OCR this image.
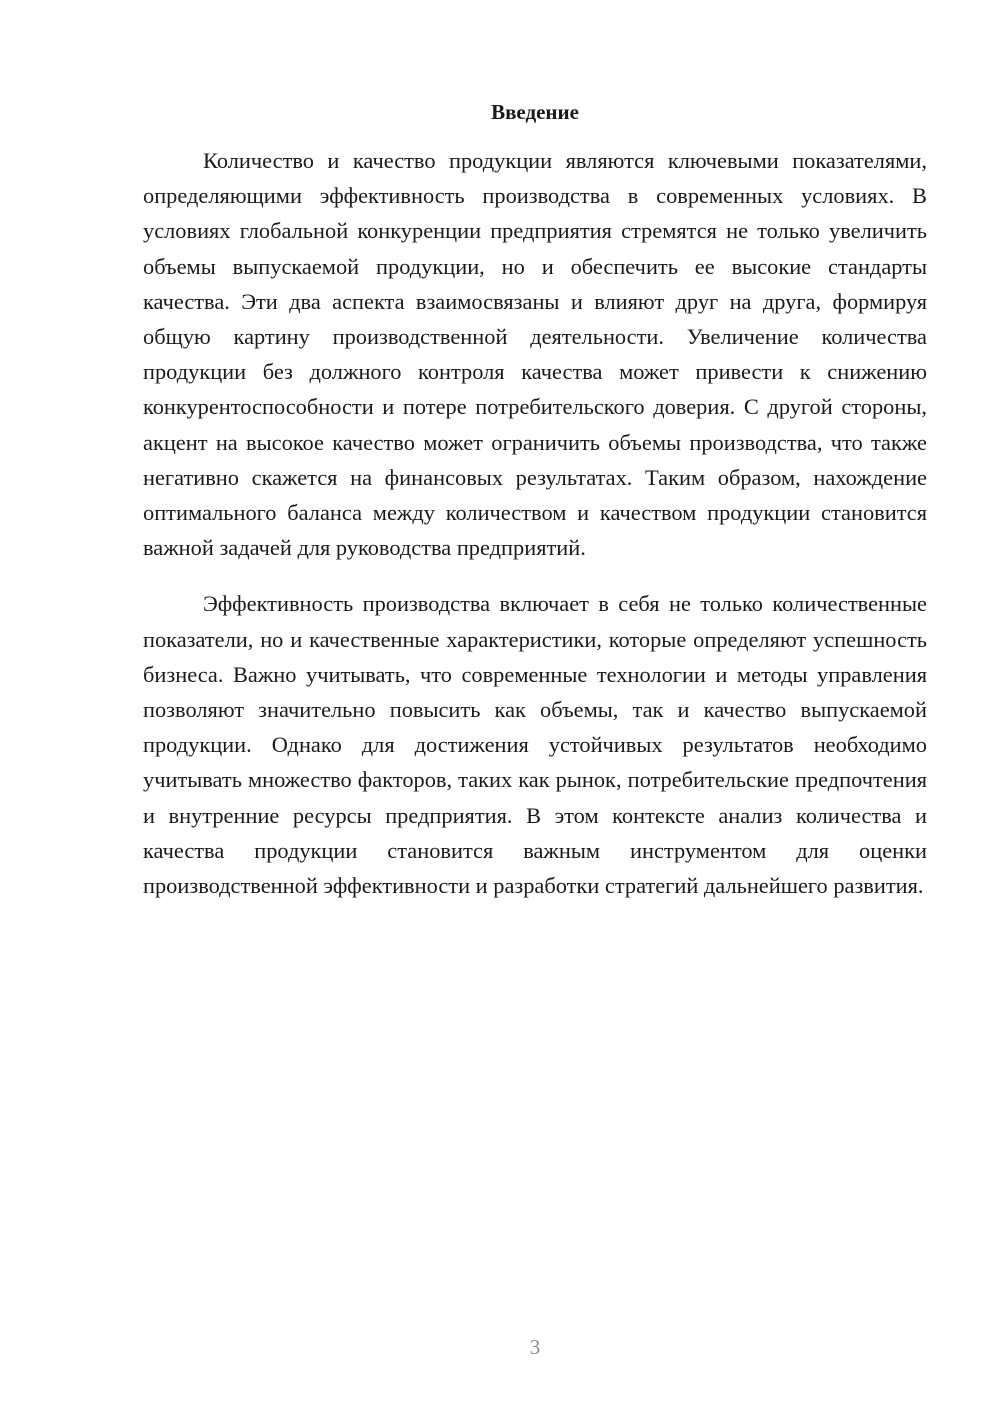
Введение

Количество и качество продукции являются ключевыми показателями, определяющими эффективность производства в современных условиях. В условиях глобальной конкуренции предприятия стремятся не только увеличить объемы выпускаемой продукции, но и обеспечить ее высокие стандарты качества. Эти два аспекта взаимосвязаны и влияют друг на друга, формируя общую картину производственной деятельности. Увеличение количества продукции без должного контроля качества может привести к снижению конкурентоспособности и потере потребительского доверия. С другой стороны, акцент на высокое качество может ограничить объемы производства, что также негативно скажется на финансовых результатах. Таким образом, нахождение оптимального баланса между количеством и качеством продукции становится важной задачей для руководства предприятий.

Эффективность производства включает в себя не только количественные показатели, но и качественные характеристики, которые определяют успешность бизнеса. Важно учитывать, что современные технологии и методы управления позволяют значительно повысить как объемы, так и качество выпускаемой продукции. Однако для достижения устойчивых результатов необходимо учитывать множество факторов, таких как рынок, потребительские предпочтения и внутренние ресурсы предприятия. В этом контексте анализ количества и качества продукции становится важным инструментом для оценки производственной эффективности и разработки стратегий дальнейшего развития.

3
